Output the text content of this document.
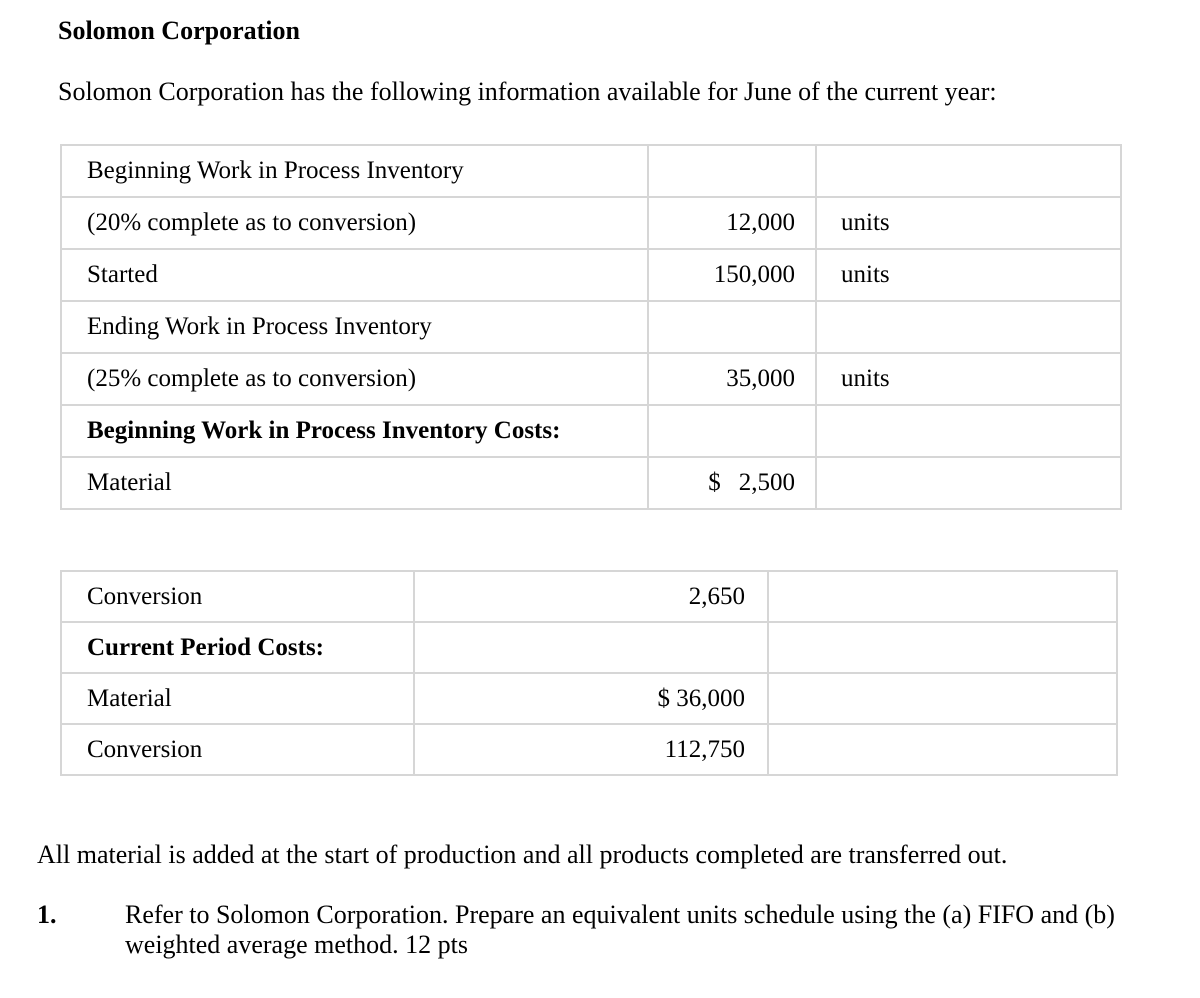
Solomon Corporation
Solomon Corporation has the following information available for June of the current year:
Beginning Work in Process Inventory		
(20% complete as to conversion)	12,000	units
Started	150,000	units
Ending Work in Process Inventory		
(25% complete as to conversion)	35,000	units
Beginning Work in Process Inventory Costs:		
Material	$ 2,500	
Conversion	2,650	
Current Period Costs:		
Material	$ 36,000	
Conversion	112,750	
All material is added at the start of production and all products completed are transferred out.
1.	Refer to Solomon Corporation. Prepare an equivalent units schedule using the (a) FIFO and (b) weighted average method. 12 pts
